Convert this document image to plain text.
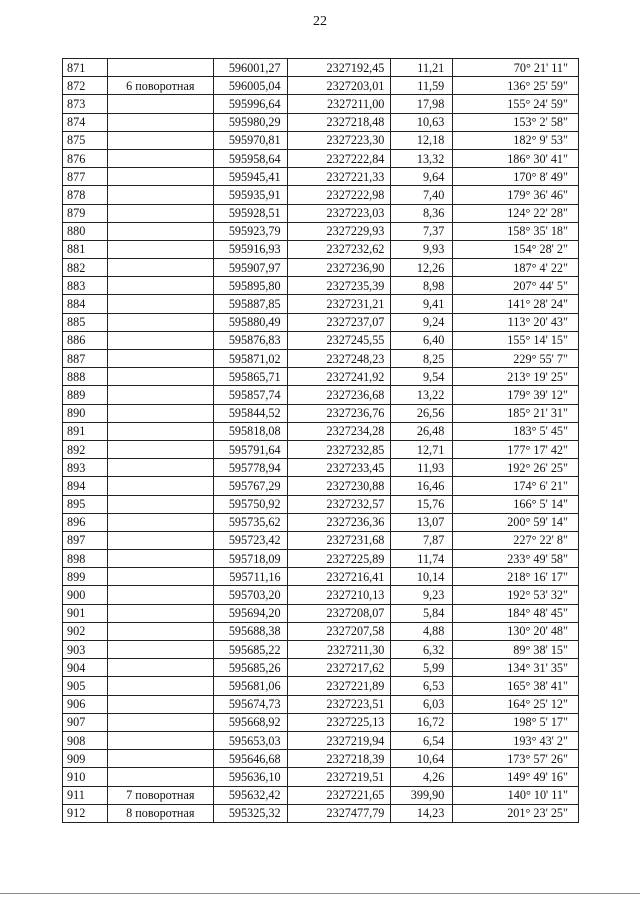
22
871		596001,27	2327192,45	11,21	70° 21' 11"
872	6 поворотная	596005,04	2327203,01	11,59	136° 25' 59"
873		595996,64	2327211,00	17,98	155° 24' 59"
874		595980,29	2327218,48	10,63	153° 2' 58"
875		595970,81	2327223,30	12,18	182° 9' 53"
876		595958,64	2327222,84	13,32	186° 30' 41"
877		595945,41	2327221,33	9,64	170° 8' 49"
878		595935,91	2327222,98	7,40	179° 36' 46"
879		595928,51	2327223,03	8,36	124° 22' 28"
880		595923,79	2327229,93	7,37	158° 35' 18"
881		595916,93	2327232,62	9,93	154° 28' 2"
882		595907,97	2327236,90	12,26	187° 4' 22"
883		595895,80	2327235,39	8,98	207° 44' 5"
884		595887,85	2327231,21	9,41	141° 28' 24"
885		595880,49	2327237,07	9,24	113° 20' 43"
886		595876,83	2327245,55	6,40	155° 14' 15"
887		595871,02	2327248,23	8,25	229° 55' 7"
888		595865,71	2327241,92	9,54	213° 19' 25"
889		595857,74	2327236,68	13,22	179° 39' 12"
890		595844,52	2327236,76	26,56	185° 21' 31"
891		595818,08	2327234,28	26,48	183° 5' 45"
892		595791,64	2327232,85	12,71	177° 17' 42"
893		595778,94	2327233,45	11,93	192° 26' 25"
894		595767,29	2327230,88	16,46	174° 6' 21"
895		595750,92	2327232,57	15,76	166° 5' 14"
896		595735,62	2327236,36	13,07	200° 59' 14"
897		595723,42	2327231,68	7,87	227° 22' 8"
898		595718,09	2327225,89	11,74	233° 49' 58"
899		595711,16	2327216,41	10,14	218° 16' 17"
900		595703,20	2327210,13	9,23	192° 53' 32"
901		595694,20	2327208,07	5,84	184° 48' 45"
902		595688,38	2327207,58	4,88	130° 20' 48"
903		595685,22	2327211,30	6,32	89° 38' 15"
904		595685,26	2327217,62	5,99	134° 31' 35"
905		595681,06	2327221,89	6,53	165° 38' 41"
906		595674,73	2327223,51	6,03	164° 25' 12"
907		595668,92	2327225,13	16,72	198° 5' 17"
908		595653,03	2327219,94	6,54	193° 43' 2"
909		595646,68	2327218,39	10,64	173° 57' 26"
910		595636,10	2327219,51	4,26	149° 49' 16"
911	7 поворотная	595632,42	2327221,65	399,90	140° 10' 11"
912	8 поворотная	595325,32	2327477,79	14,23	201° 23' 25"
